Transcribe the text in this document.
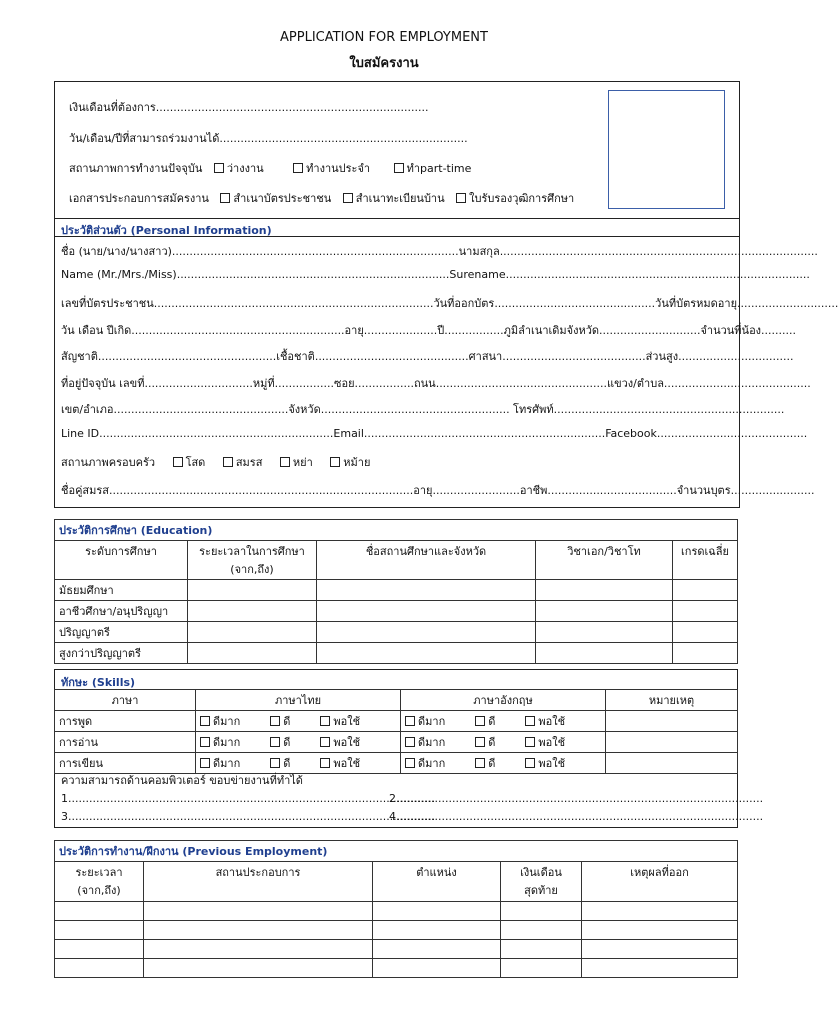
APPLICATION FOR EMPLOYMENT
ใบสมัครงาน
เงินเดือนที่ต้องการ..............................................................................
วัน/เดือน/ปีที่สามารถร่วมงานได้.......................................................................
สถานภาพการทำงานปัจจุบัน ว่างงาน	ทำงานประจำ	ทำpart-time
เอกสารประกอบการสมัครงาน สำเนาบัตรประชาชน สำเนาทะเบียนบ้าน ใบรับรองวุฒิการศึกษา
ประวัติส่วนตัว (Personal Information)
ชื่อ (นาย/นาง/นางสาว)..................................................................................นามสกุล...........................................................................................
Name (Mr./Mrs./Miss)..............................................................................Surename.......................................................................................
เลขที่บัตรประชาชน................................................................................วันที่ออกบัตร..............................................วันที่บัตรหมดอายุ.............................
วัน เดือน ปีเกิด.............................................................อายุ.....................ปี.................ภูมิลำเนาเดิมจังหวัด.............................จำนวนพี่น้อง..........
สัญชาติ...................................................เชื้อชาติ............................................ศาสนา.........................................ส่วนสูง.................................
ที่อยู่ปัจจุบัน เลขที่...............................หมู่ที่.................ซอย.................ถนน.................................................แขวง/ตำบล..........................................
เขต/อำเภอ..................................................จังหวัด...................................................... โทรศัพท์..................................................................
Line ID...................................................................Email.....................................................................Facebook...........................................
สถานภาพครอบครัว	โสด	สมรส	หย่า	หม้าย
ชื่อคู่สมรส.......................................................................................อายุ.........................อาชีพ.....................................จำนวนบุตร........................
ประวัติการศึกษา (Education)				
ระดับการศึกษา	ระยะเวลาในการศึกษา (จาก,ถึง)	ชื่อสถานศึกษาและจังหวัด	วิชาเอก/วิชาโท	เกรดเฉลี่ย
มัธยมศึกษา				
อาชีวศึกษา/อนุปริญญา				
ปริญญาตรี				
สูงกว่าปริญญาตรี				
ทักษะ (Skills)
ภาษา	ภาษาไทย	ภาษาอังกฤษ	หมายเหตุ
การพูด	ดีมาก ดี พอใช้	ดีมาก ดี พอใช้	
การอ่าน	ดีมาก ดี พอใช้	ดีมาก ดี พอใช้	
การเขียน	ดีมาก ดี พอใช้	ดีมาก ดี พอใช้	
ความสามารถด้านคอมพิวเตอร์ ขอบข่ายงานที่ทำได้
1.........................................................................................................
2.........................................................................................................
3.........................................................................................................
4.........................................................................................................
ประวัติการทำงาน/ฝึกงาน (Previous Employment)				
ระยะเวลา (จาก,ถึง)	สถานประกอบการ	ตำแหน่ง	เงินเดือน สุดท้าย	เหตุผลที่ออก
